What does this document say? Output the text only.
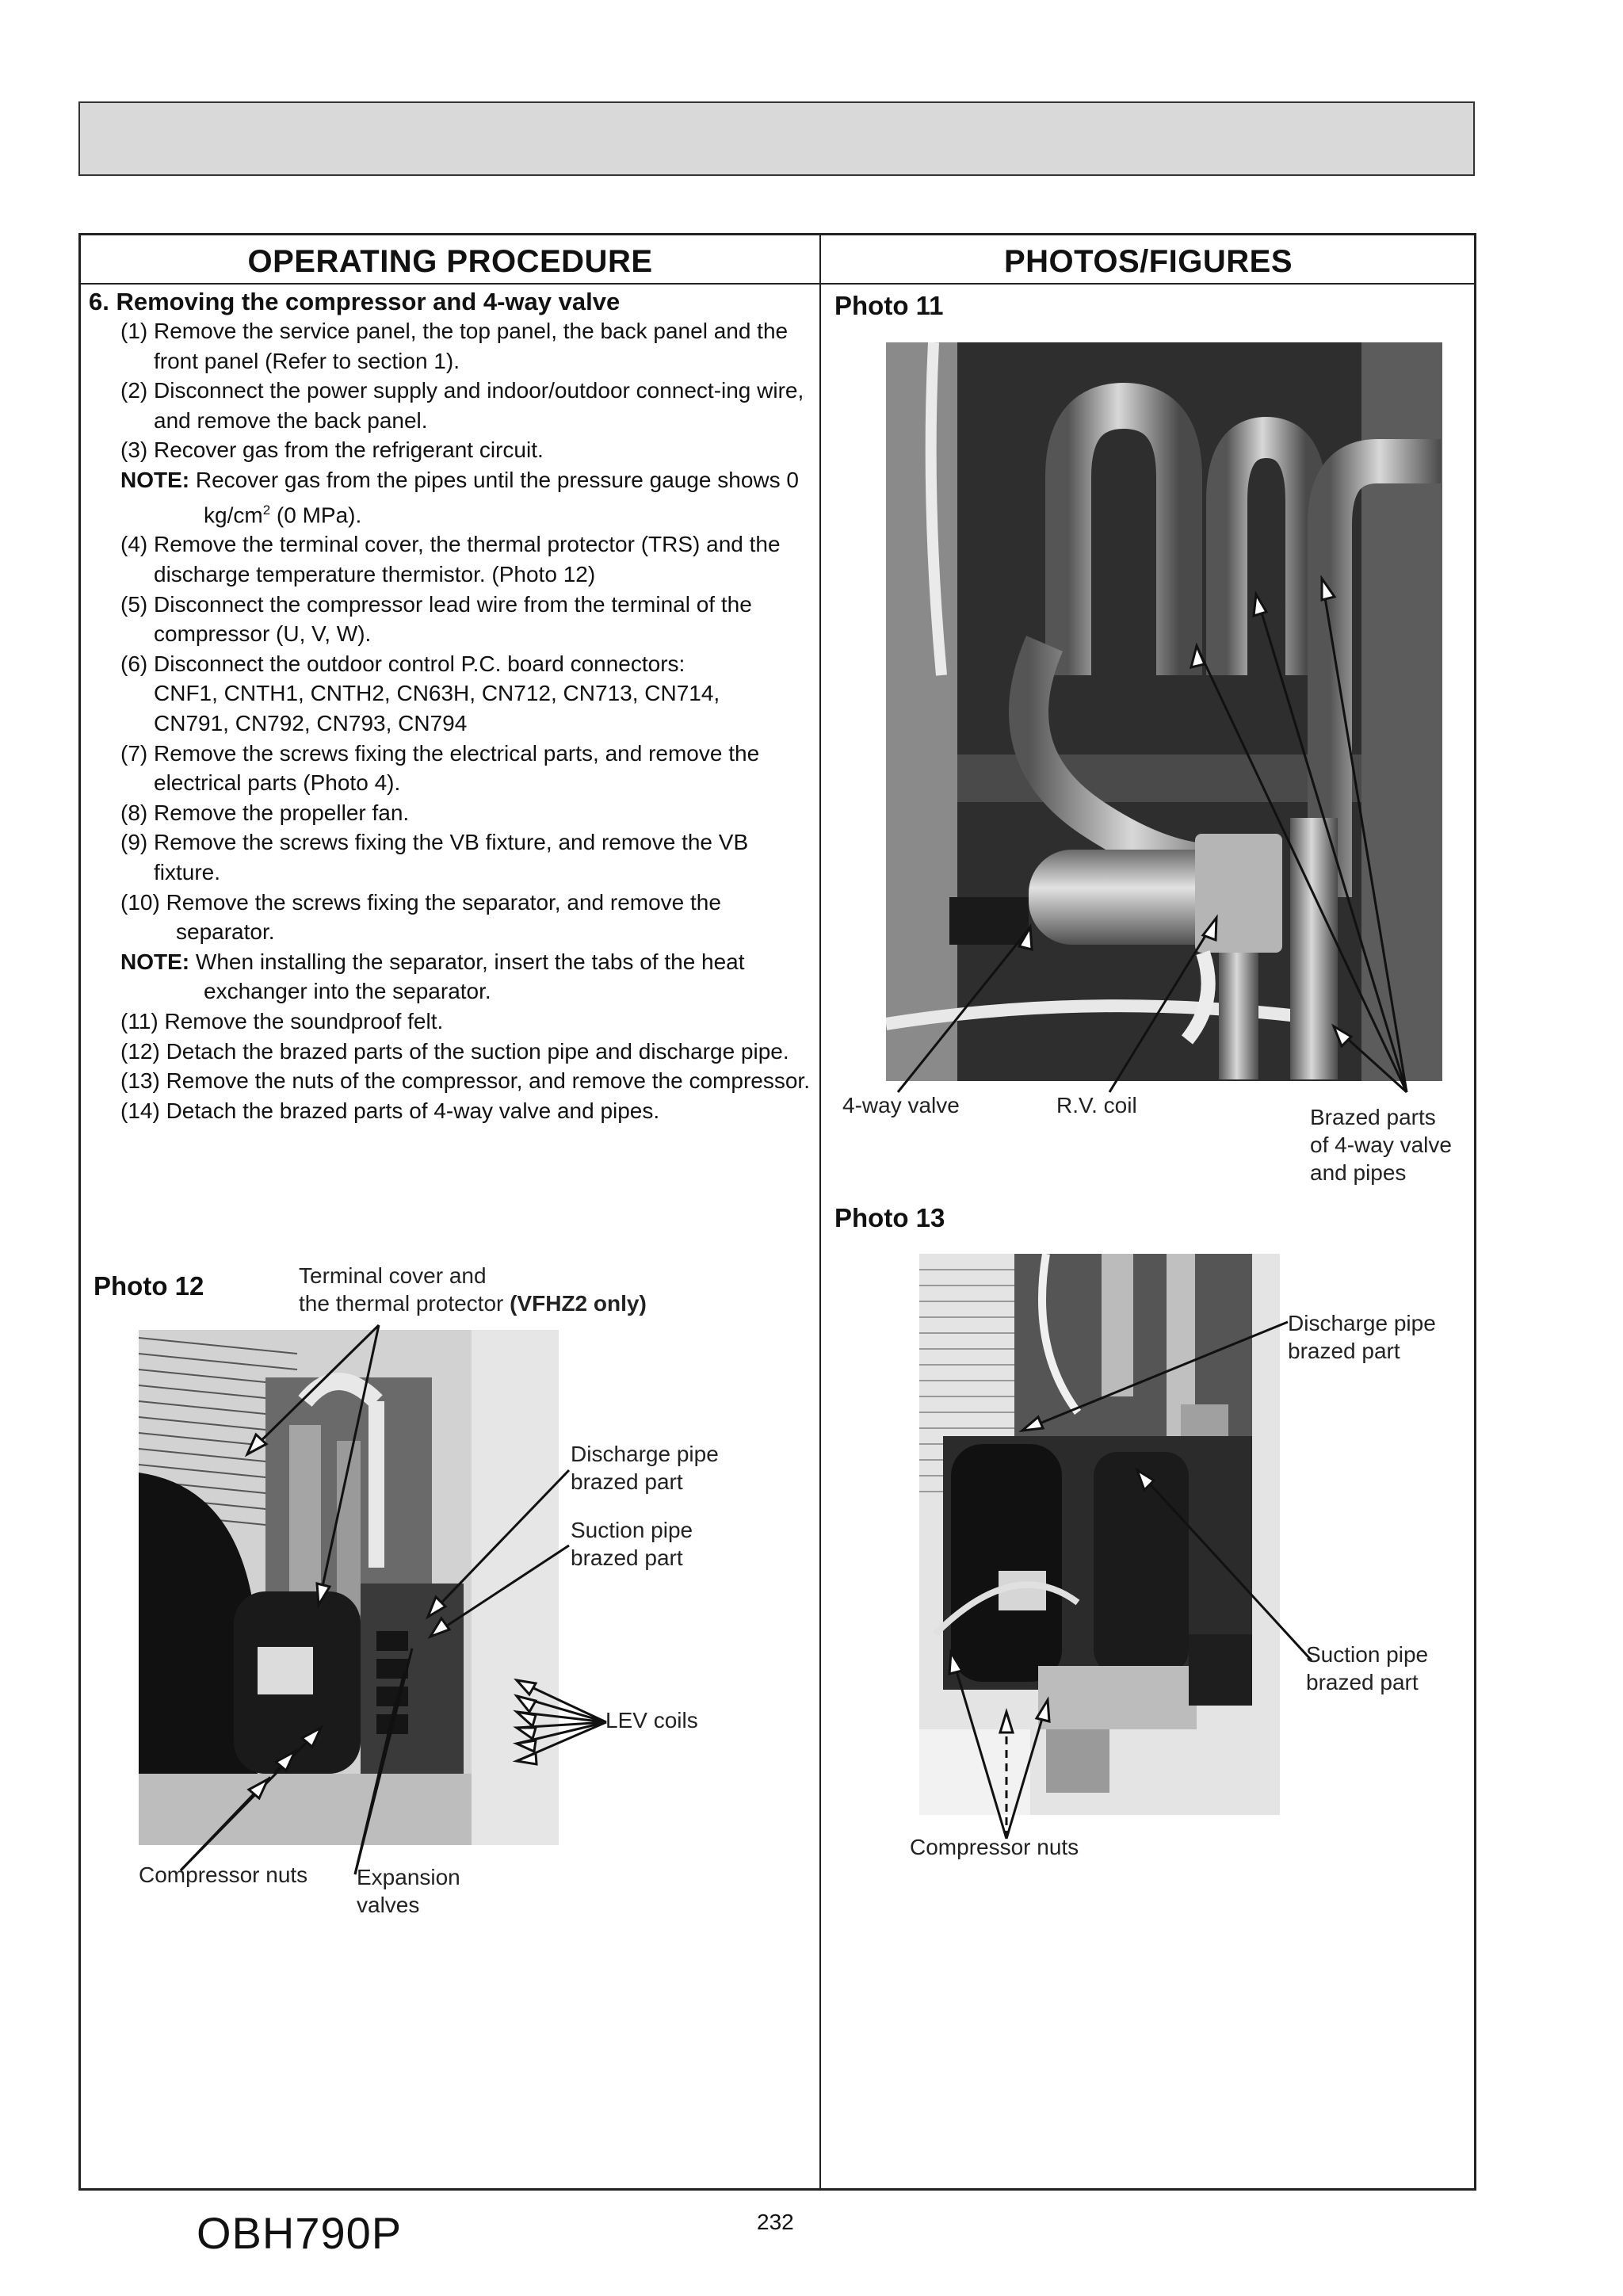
OPERATING PROCEDURE	PHOTOS/FIGURES

6. Removing the compressor and 4-way valve

(1) Remove the service panel, the top panel, the back panel and the front panel (Refer to section 1).

(2) Disconnect the power supply and indoor/outdoor connect-ing wire, and remove the back panel.

(3) Recover gas from the refrigerant circuit.

NOTE: Recover gas from the pipes until the pressure gauge shows 0 $kg/cm^2$ (0 MPa).

(4) Remove the terminal cover, the thermal protector (TRS) and the discharge temperature thermistor. (Photo 12)

(5) Disconnect the compressor lead wire from the terminal of the compressor (U, V, W).

(6) Disconnect the outdoor control P.C. board connectors:

CNF1, CNTH1, CNTH2, CN63H, CN712, CN713, CN714,

CN791, CN792, CN793, CN794

(7) Remove the screws fixing the electrical parts, and remove the electrical parts (Photo 4).

(8) Remove the propeller fan.

(9) Remove the screws fixing the VB fixture, and remove the VB fixture.

(10) Remove the screws fixing the separator, and remove the separator.

NOTE: When installing the separator, insert the tabs of the heat exchanger into the separator.

(11) Remove the soundproof felt.

(12) Detach the brazed parts of the suction pipe and discharge pipe.

(13) Remove the nuts of the compressor, and remove the compressor.

(14) Detach the brazed parts of 4-way valve and pipes.

Photo 11
4-way valve	R.V. coil	Brazed parts
of 4-way valve
and pipes
Photo 13
Discharge pipe
brazed part
Suction pipe
brazed part
Compressor nuts
Photo 12	Terminal cover and
the thermal protector (VFHZ2 only)
Discharge pipe
brazed part
Suction pipe
brazed part
LEV coils
Compressor nuts Expansion
valves
OBH790P	232
